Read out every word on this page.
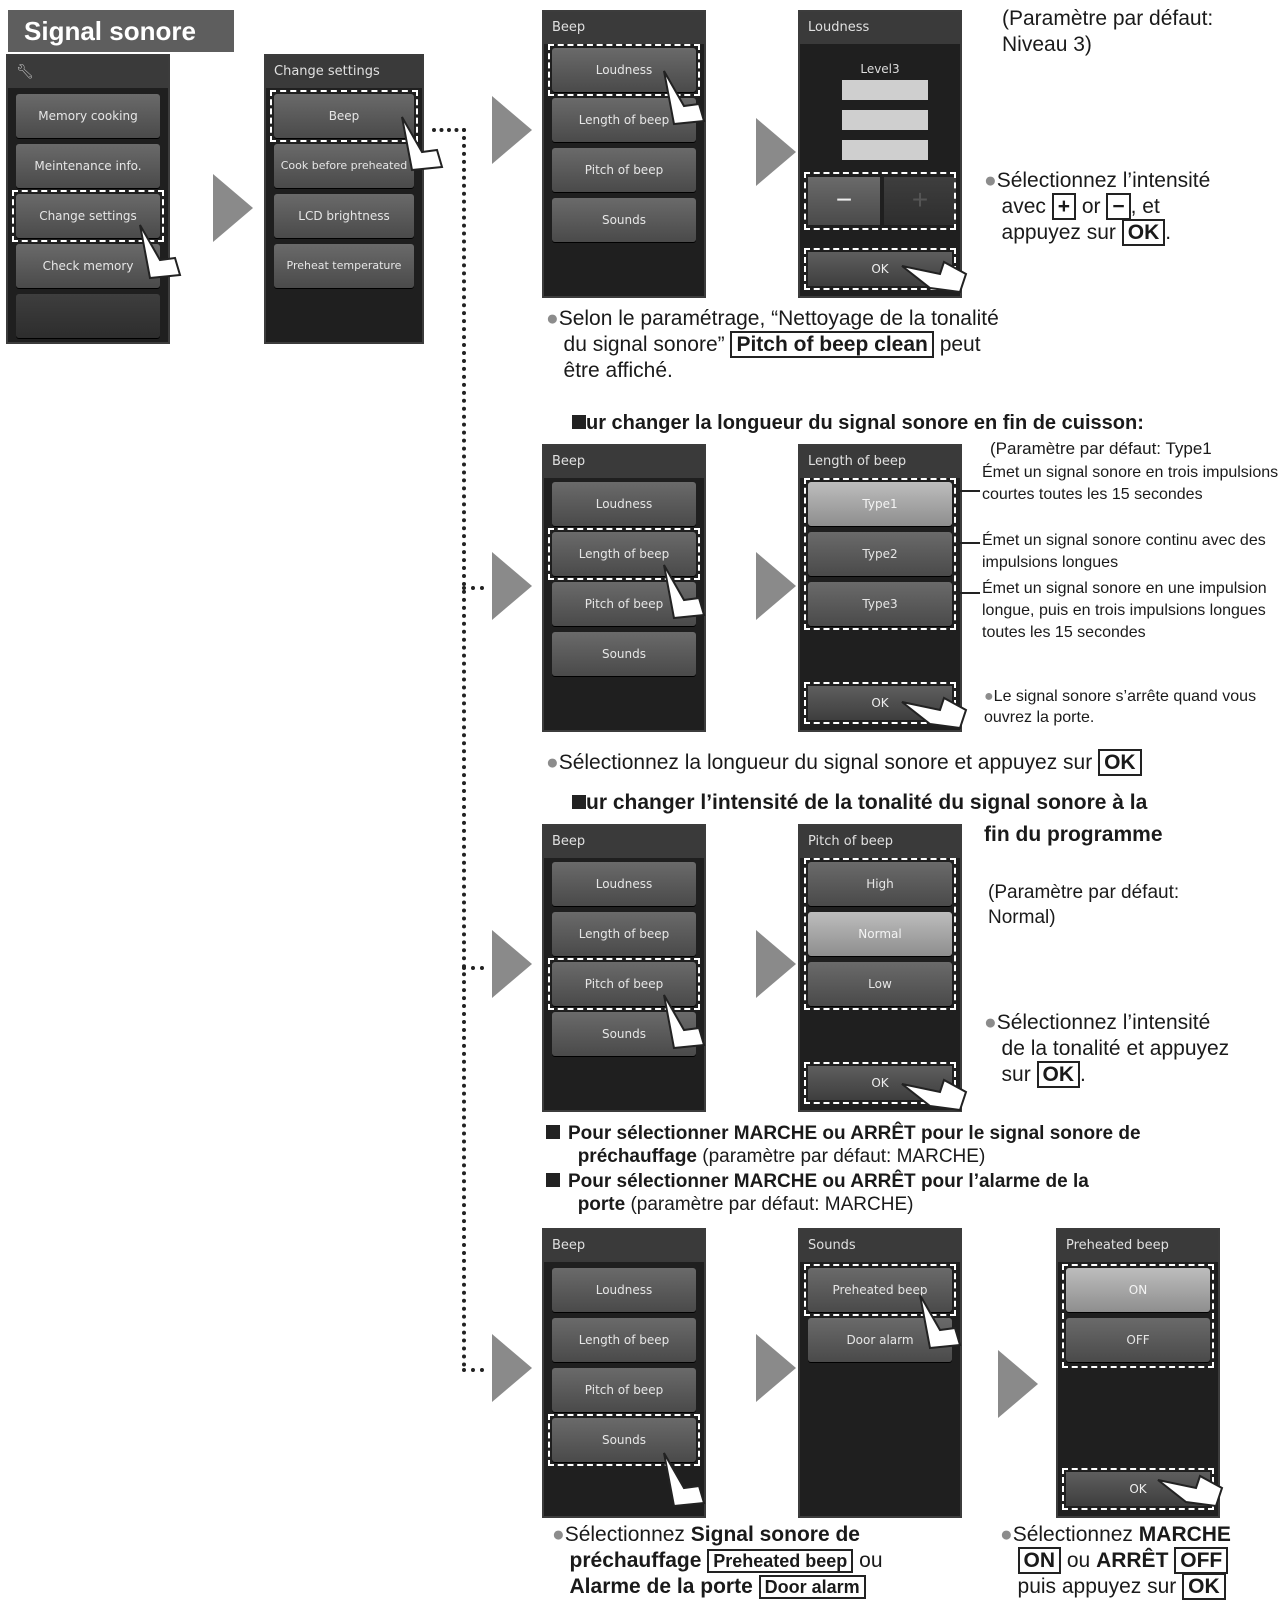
Signal sonore
🔧︎
Memory cooking
Meintenance info.
Change settings
Check memory
Change settings
Beep
Cook before preheated
LCD brightness
Preheat temperature
Beep
Loudness
Length of beep
Pitch of beep
Sounds
Loudness
Level3
−	+
OK
(Paramètre par défaut: Niveau 3)
●Sélectionnez l’intensité
avec + or − , et
appuyez sur OK .
●Selon le paramétrage, “Nettoyage de la tonalité
du signal sonore” Pitch of beep clean peut
être affiché.
ur changer la longueur du signal sonore en fin de cuisson:
Beep
Loudness
Length of beep
Pitch of beep
Sounds
Length of beep
Type1
Type2
Type3
OK
(Paramètre par défaut: Type1
Émet un signal sonore en trois impulsions courtes toutes les 15 secondes
Émet un signal sonore continu avec des impulsions longues
Émet un signal sonore en une impulsion longue, puis en trois impulsions longues toutes les 15 secondes
●Le signal sonore s’arrête quand vous ouvrez la porte.
●Sélectionnez la longueur du signal sonore et appuyez sur OK
ur changer l’intensité de la tonalité du signal sonore à la
fin du programme
Beep
Loudness
Length of beep
Pitch of beep
Sounds
Pitch of beep
High
Normal
Low
OK
(Paramètre par défaut: Normal)
●Sélectionnez l’intensité
de la tonalité et appuyez
sur OK .
Pour sélectionner MARCHE ou ARRÊT pour le signal sonore de
préchauffage (paramètre par défaut: MARCHE)
Pour sélectionner MARCHE ou ARRÊT pour l’alarme de la
porte (paramètre par défaut: MARCHE)
Beep
Loudness
Length of beep
Pitch of beep
Sounds
Sounds
Preheated beep
Door alarm
Preheated beep
ON
OFF
OK
●Sélectionnez Signal sonore de
préchauffage Preheated beep ou
Alarme de la porte Door alarm
●Sélectionnez MARCHE
ON ou ARRÊT OFF
puis appuyez sur OK
